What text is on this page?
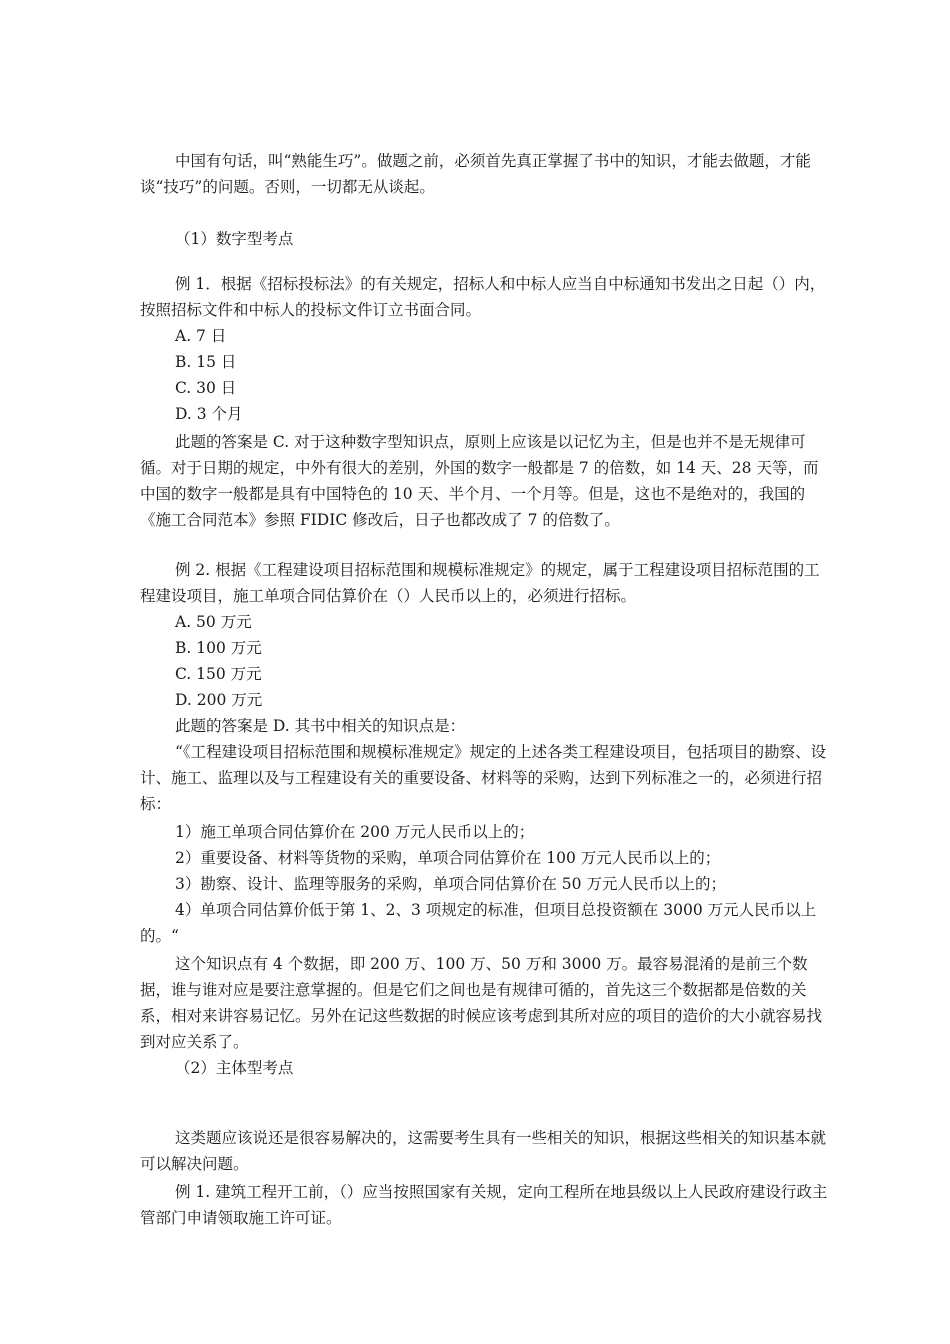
中国有句话，叫“熟能生巧”。做题之前，必须首先真正掌握了书中的知识，才能去做题，才能谈“技巧”的问题。否则，一切都无从谈起。

（1）数字型考点

例 1．根据《招标投标法》的有关规定，招标人和中标人应当自中标通知书发出之日起（）内，按照招标文件和中标人的投标文件订立书面合同。

A. 7 日
B. 15 日
C. 30 日
D. 3 个月

此题的答案是 C. 对于这种数字型知识点，原则上应该是以记忆为主，但是也并不是无规律可循。对于日期的规定，中外有很大的差别，外国的数字一般都是 7 的倍数，如 14 天、28 天等，而中国的数字一般都是具有中国特色的 10 天、半个月、一个月等。但是，这也不是绝对的，我国的《施工合同范本》参照 FIDIC 修改后，日子也都改成了 7 的倍数了。

例 2. 根据《工程建设项目招标范围和规模标准规定》的规定，属于工程建设项目招标范围的工程建设项目，施工单项合同估算价在（）人民币以上的，必须进行招标。

A. 50 万元
B. 100 万元
C. 150 万元
D. 200 万元
此题的答案是 D. 其书中相关的知识点是：

“《工程建设项目招标范围和规模标准规定》规定的上述各类工程建设项目，包括项目的勘察、设计、施工、监理以及与工程建设有关的重要设备、材料等的采购，达到下列标准之一的，必须进行招标：

1）施工单项合同估算价在 200 万元人民币以上的；
2）重要设备、材料等货物的采购，单项合同估算价在 100 万元人民币以上的；
3）勘察、设计、监理等服务的采购，单项合同估算价在 50 万元人民币以上的；

4）单项合同估算价低于第 1、2、3 项规定的标准，但项目总投资额在 3000 万元人民币以上的。“

这个知识点有 4 个数据，即 200 万、100 万、50 万和 3000 万。最容易混淆的是前三个数据，谁与谁对应是要注意掌握的。但是它们之间也是有规律可循的，首先这三个数据都是倍数的关系，相对来讲容易记忆。另外在记这些数据的时候应该考虑到其所对应的项目的造价的大小就容易找到对应关系了。

（2）主体型考点

这类题应该说还是很容易解决的，这需要考生具有一些相关的知识，根据这些相关的知识基本就可以解决问题。

例 1. 建筑工程开工前，（）应当按照国家有关规，定向工程所在地县级以上人民政府建设行政主管部门申请领取施工许可证。
